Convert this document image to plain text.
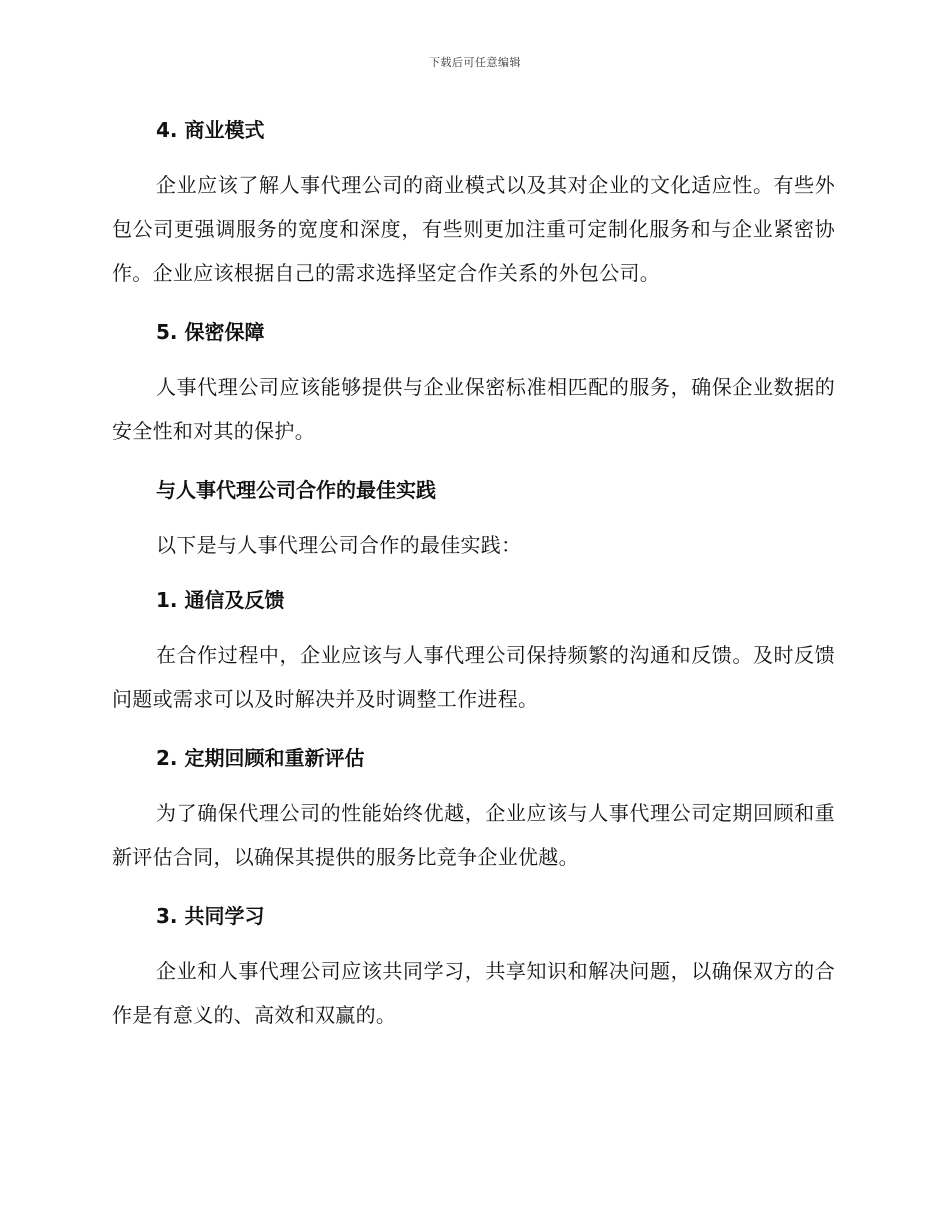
下载后可任意编辑
4. 商业模式

企业应该了解人事代理公司的商业模式以及其对企业的文化适应性。有些外包公司更强调服务的宽度和深度，有些则更加注重可定制化服务和与企业紧密协作。企业应该根据自己的需求选择坚定合作关系的外包公司。

5. 保密保障

人事代理公司应该能够提供与企业保密标准相匹配的服务，确保企业数据的安全性和对其的保护。

与人事代理公司合作的最佳实践

以下是与人事代理公司合作的最佳实践：

1. 通信及反馈

在合作过程中，企业应该与人事代理公司保持频繁的沟通和反馈。及时反馈问题或需求可以及时解决并及时调整工作进程。

2. 定期回顾和重新评估

为了确保代理公司的性能始终优越，企业应该与人事代理公司定期回顾和重新评估合同，以确保其提供的服务比竞争企业优越。

3. 共同学习

企业和人事代理公司应该共同学习，共享知识和解决问题，以确保双方的合作是有意义的、高效和双赢的。
